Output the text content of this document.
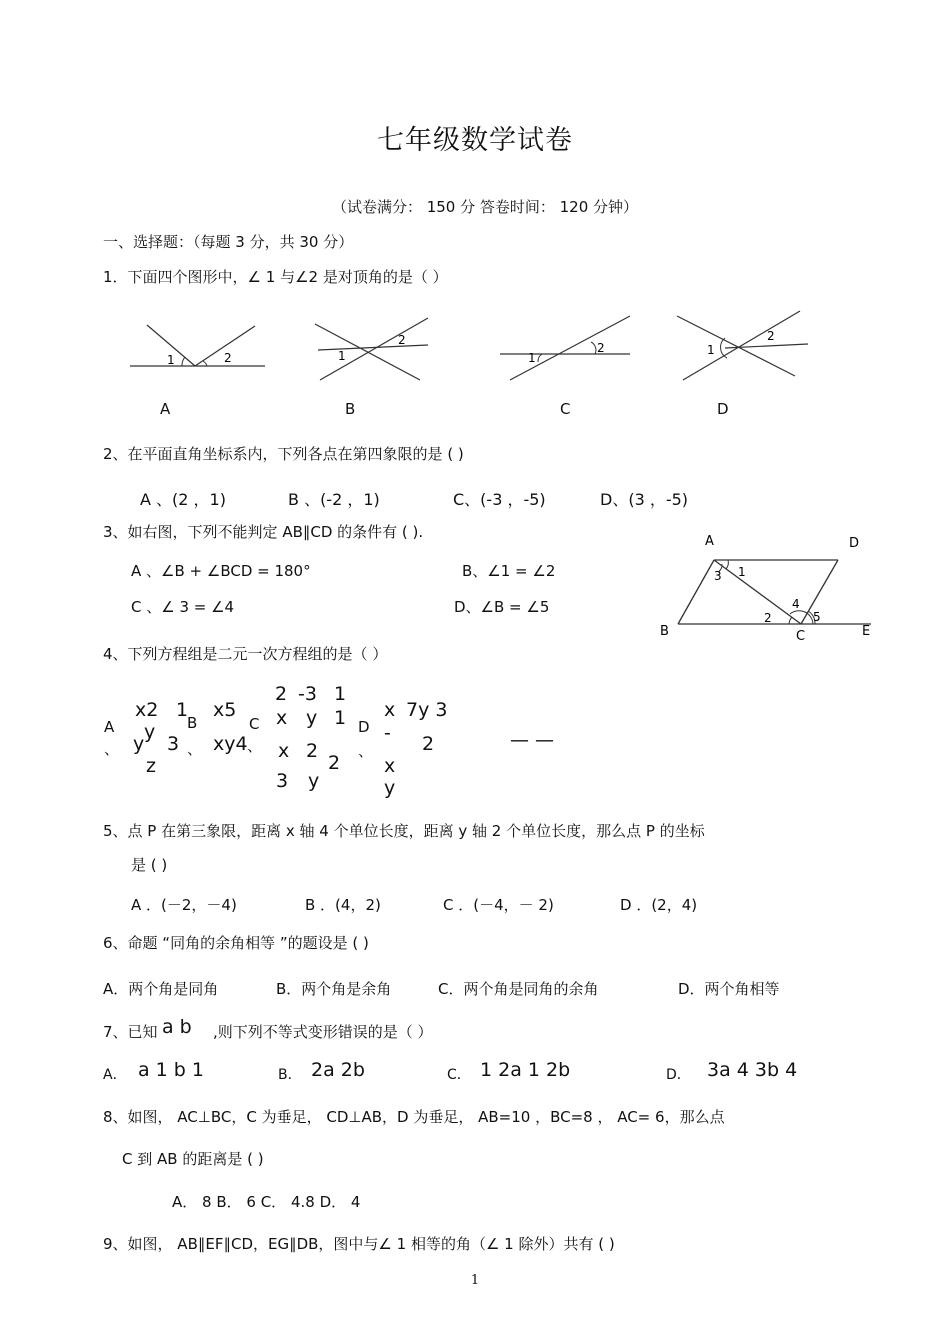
七年级数学试卷
（试卷满分： 150 分 答卷时间： 120 分钟）
一、选择题：（每题 3 分，共 30 分）
1．下面四个图形中，∠ 1 与∠2 是对顶角的是（ ）
1	2	1
2
1
2	1
2
A	B	C	D
2、在平面直角坐标系内，下列各点在第四象限的是 ( )
A 、(2 ，1)	B 、(-2 ，1)	C、(-3 ，-5)	D、(3 ，-5)
3、如右图，下列不能判定 AB∥CD 的条件有 ( ).
A 、∠B + ∠BCD = 180°	B、∠1 = ∠2
C 、∠ 3 = ∠4	D、∠B = ∠5
A	D
B	C	E
1
2
3
4
5
4、下列方程组是二元一次方程组的是（ ）
A
、
x2 1
y
y 3
z
B
、
x5
xy4 、
C
2 -3 1
x y 1
x 2
3 y
2
D
、
x
-
x
y
7y 3
2	— —
5、点 P 在第三象限，距离 x 轴 4 个单位长度，距离 y 轴 2 个单位长度，那么点 P 的坐标
是 ( )
A ．(－2，－4)	B ．(4，2)	C ．(－4，－ 2)	D ．(2，4)
6、命题 “同角的余角相等 ”的题设是 ( )
A．两个角是同角	B．两个角是余角	C．两个角是同角的余角	D．两个角相等
7、已知 a b ,则下列不等式变形错误的是（ ）
A． a 1 b 1	B． 2a 2b	C． 1 2a 1 2b	D． 3a 4 3b 4
8、如图， AC⊥BC，C 为垂足， CD⊥AB，D 为垂足， AB=10 ，BC=8 ， AC= 6，那么点
C 到 AB 的距离是 ( )
A． 8 B． 6 C． 4.8 D． 4
9、如图， AB∥EF∥CD，EG∥DB，图中与∠ 1 相等的角（∠ 1 除外）共有 ( )
1
